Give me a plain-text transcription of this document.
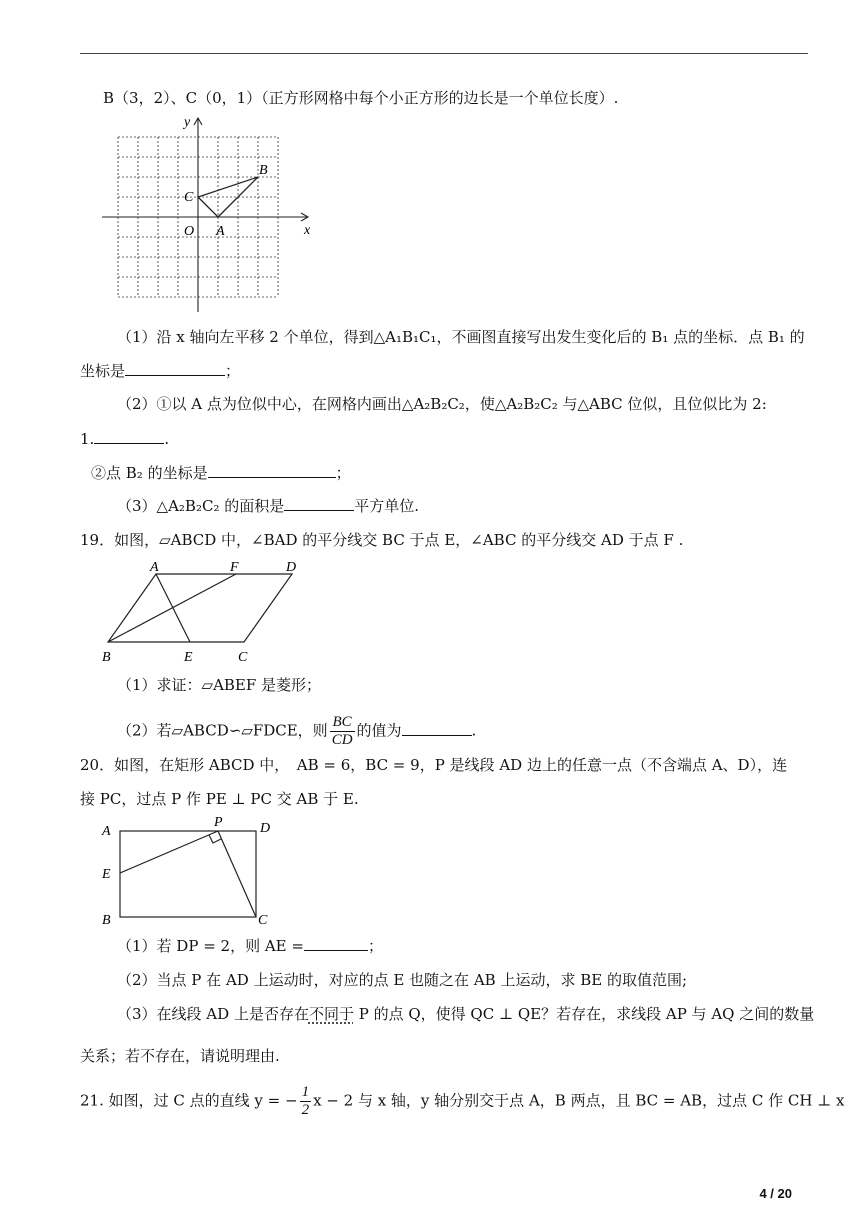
B（3，2）、C（0，1）（正方形网格中每个小正方形的边长是一个单位长度）.
y
x
O A
B
C
（1）沿 x 轴向左平移 2 个单位，得到△A₁B₁C₁，不画图直接写出发生变化后的 B₁ 点的坐标．点 B₁ 的
坐标是	；
（2）①以 A 点为位似中心，在网格内画出△A₂B₂C₂，使△A₂B₂C₂ 与△ABC 位似，且位似比为 2:
1.	.
②点 B₂ 的坐标是	；
（3）△A₂B₂C₂ 的面积是	平方单位.
19．如图，▱ABCD 中，∠BAD 的平分线交 BC 于点 E，∠ABC 的平分线交 AD 于点 F .
A	F	D
B	E	C
（1）求证：▱ABEF 是菱形；
（2）若▱ABCD∽▱FDCE，则 $\frac{BC}{CD}$ 的值为	.
20．如图，在矩形 ABCD 中，　AB = 6，BC = 9，P 是线段 AD 边上的任意一点（不含端点 A、D），连
接 PC，过点 P 作 PE ⊥ PC 交 AB 于 E.
A
P	D
E
B	C
（1）若 DP = 2，则 AE =	；
（2）当点 P 在 AD 上运动时，对应的点 E 也随之在 AB 上运动，求 BE 的取值范围;
（3）在线段 AD 上是否存在不同于 P 的点 Q，使得 QC ⊥ QE？若存在，求线段 AP 与 AQ 之间的数量
关系；若不存在，请说明理由.
21. 如图，过 C 点的直线 y = − $\frac{1}{2}$ x − 2 与 x 轴，y 轴分别交于点 A，B 两点，且 BC = AB，过点 C 作 CH ⊥ x
4 / 20
